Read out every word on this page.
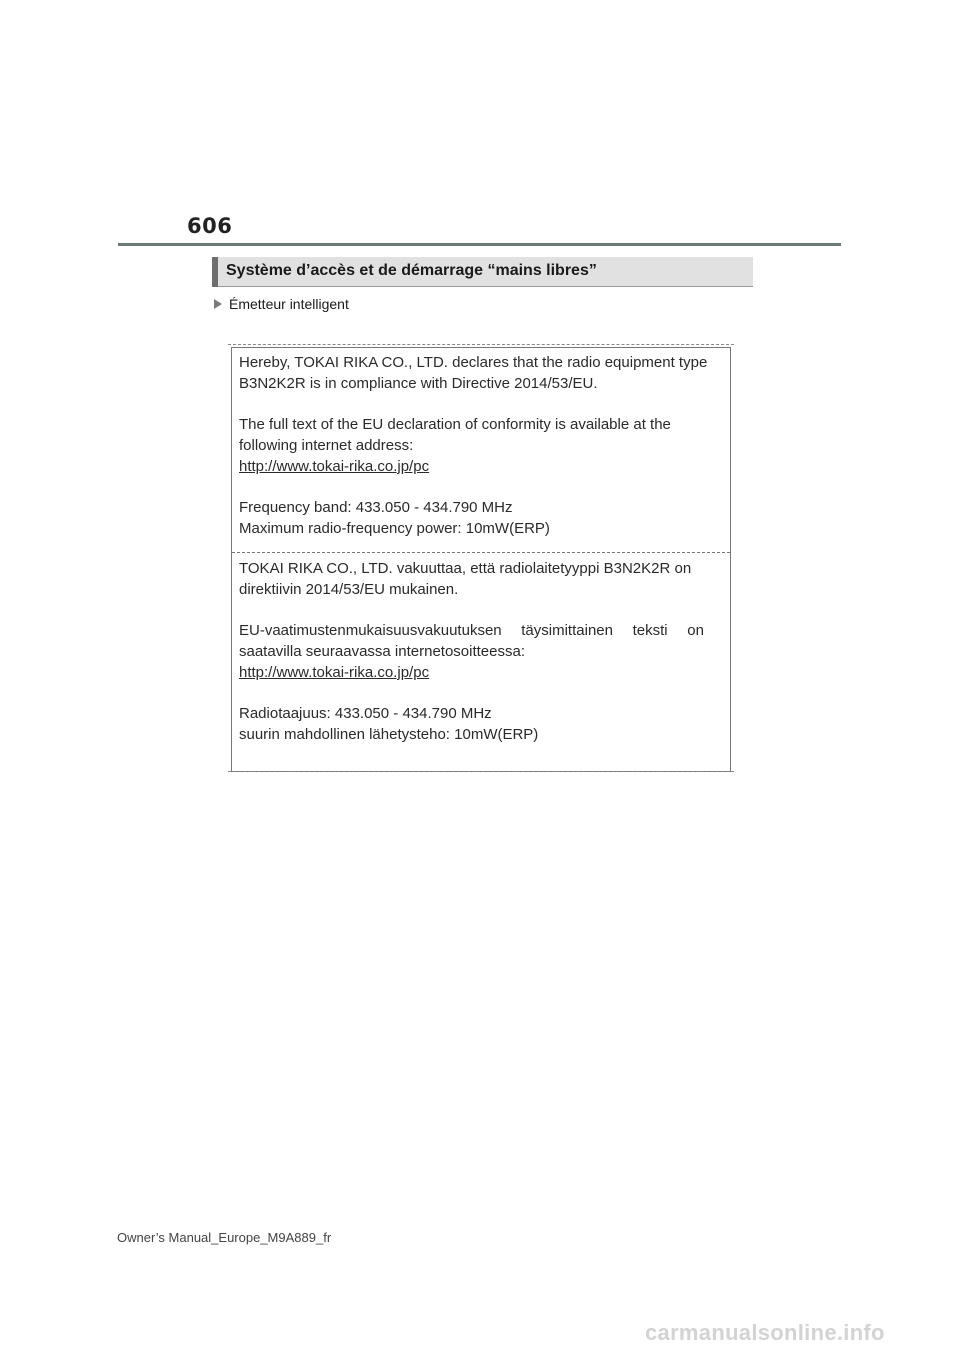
606
Système d’accès et de démarrage “mains libres”
Émetteur intelligent
Hereby, TOKAI RIKA CO., LTD. declares that the radio equipment type
B3N2K2R is in compliance with Directive 2014/53/EU.
The full text of the EU declaration of conformity is available at the
following internet address:
http://www.tokai-rika.co.jp/pc
Frequency band: 433.050 - 434.790 MHz
Maximum radio-frequency power: 10mW(ERP)
TOKAI RIKA CO., LTD. vakuuttaa, että radiolaitetyyppi B3N2K2R on
direktiivin 2014/53/EU mukainen.
EU-vaatimustenmukaisuusvakuutuksen täysimittainen teksti on
saatavilla seuraavassa internetosoitteessa:
http://www.tokai-rika.co.jp/pc
Radiotaajuus: 433.050 - 434.790 MHz
suurin mahdollinen lähetysteho: 10mW(ERP)
Owner’s Manual_Europe_M9A889_fr
carmanualsonline.info
